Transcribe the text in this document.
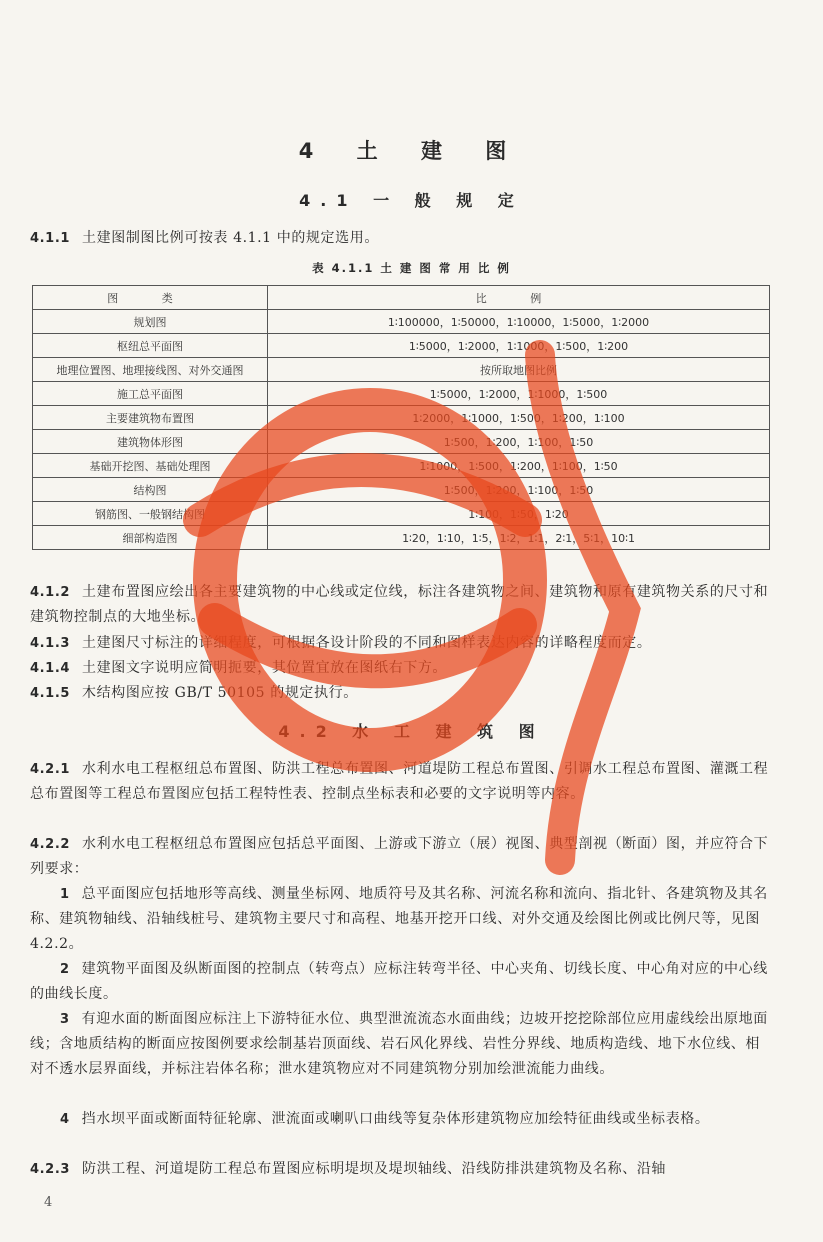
4 土 建 图
4.1 一 般 规 定
4.1.1 土建图制图比例可按表 4.1.1 中的规定选用。
表 4.1.1 土 建 图 常 用 比 例
图 类	比 例
规划图	1∶100000，1∶50000，1∶10000，1∶5000，1∶2000
枢纽总平面图	1∶5000，1∶2000，1∶1000，1∶500，1∶200
地理位置图、地理接线图、对外交通图	按所取地图比例
施工总平面图	1∶5000，1∶2000，1∶1000，1∶500
主要建筑物布置图	1∶2000，1∶1000，1∶500，1∶200，1∶100
建筑物体形图	1∶500，1∶200，1∶100，1∶50
基础开挖图、基础处理图	1∶1000，1∶500，1∶200，1∶100，1∶50
结构图	1∶500，1∶200，1∶100，1∶50
钢筋图、一般钢结构图	1∶100，1∶50，1∶20
细部构造图	1∶20，1∶10，1∶5，1∶2，1∶1，2∶1，5∶1，10∶1
4.1.2 土建布置图应绘出各主要建筑物的中心线或定位线，标注各建筑物之间、建筑物和原有建筑物关系的尺寸和建筑物控制点的大地坐标。
4.1.3 土建图尺寸标注的详细程度，可根据各设计阶段的不同和图样表达内容的详略程度而定。
4.1.4 土建图文字说明应简明扼要，其位置宜放在图纸右下方。
4.1.5 木结构图应按 GB/T 50105 的规定执行。
4.2 水 工 建 筑 图
4.2.1 水利水电工程枢纽总布置图、防洪工程总布置图、河道堤防工程总布置图、引调水工程总布置图、灌溉工程总布置图等工程总布置图应包括工程特性表、控制点坐标表和必要的文字说明等内容。
4.2.2 水利水电工程枢纽总布置图应包括总平面图、上游或下游立（展）视图、典型剖视（断面）图，并应符合下列要求：
1 总平面图应包括地形等高线、测量坐标网、地质符号及其名称、河流名称和流向、指北针、各建筑物及其名称、建筑物轴线、沿轴线桩号、建筑物主要尺寸和高程、地基开挖开口线、对外交通及绘图比例或比例尺等，见图 4.2.2。
2 建筑物平面图及纵断面图的控制点（转弯点）应标注转弯半径、中心夹角、切线长度、中心角对应的中心线的曲线长度。
3 有迎水面的断面图应标注上下游特征水位、典型泄流流态水面曲线；边坡开挖挖除部位应用虚线绘出原地面线；含地质结构的断面应按图例要求绘制基岩顶面线、岩石风化界线、岩性分界线、地质构造线、地下水位线、相对不透水层界面线，并标注岩体名称；泄水建筑物应对不同建筑物分别加绘泄流能力曲线。
4 挡水坝平面或断面特征轮廓、泄流面或喇叭口曲线等复杂体形建筑物应加绘特征曲线或坐标表格。
4.2.3 防洪工程、河道堤防工程总布置图应标明堤坝及堤坝轴线、沿线防排洪建筑物及名称、沿轴
4
